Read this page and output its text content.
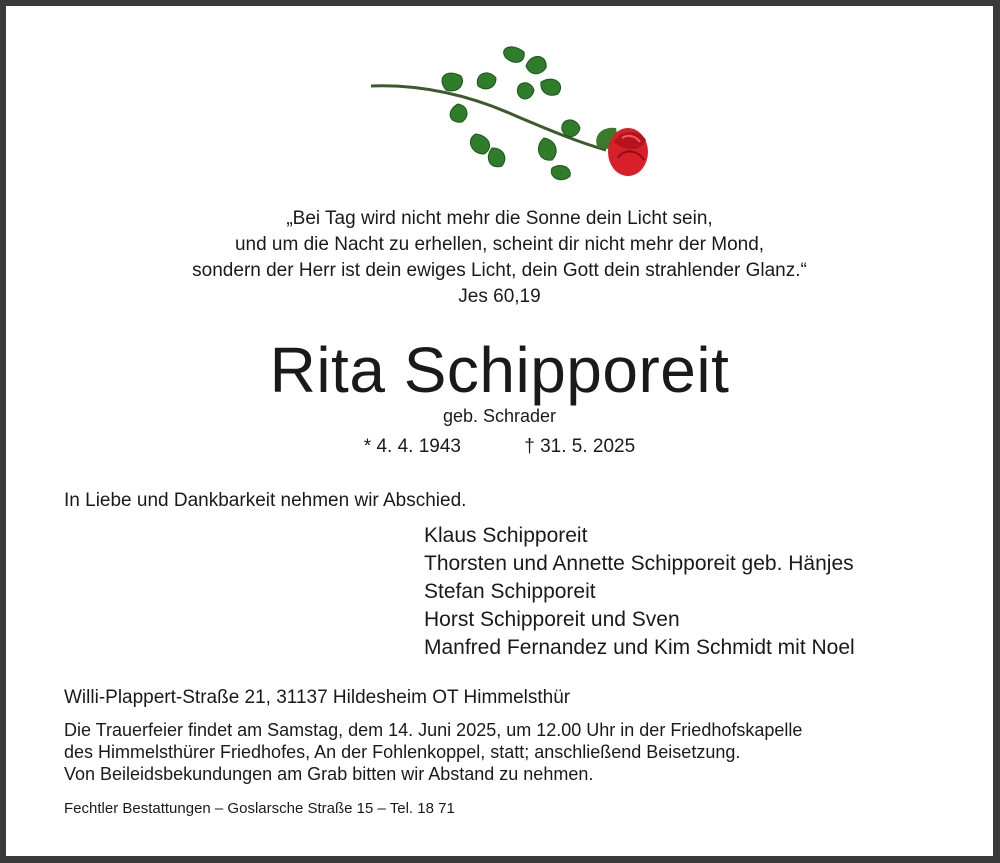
„Bei Tag wird nicht mehr die Sonne dein Licht sein,
und um die Nacht zu erhellen, scheint dir nicht mehr der Mond,
sondern der Herr ist dein ewiges Licht, dein Gott dein strahlender Glanz.“
Jes 60,19
Rita Schipporeit
geb. Schrader
* 4. 4. 1943	† 31. 5. 2025
In Liebe und Dankbarkeit nehmen wir Abschied.
Klaus Schipporeit
Thorsten und Annette Schipporeit geb. Hänjes
Stefan Schipporeit
Horst Schipporeit und Sven
Manfred Fernandez und Kim Schmidt mit Noel
Willi-Plappert-Straße 21, 31137 Hildesheim OT Himmelsthür
Die Trauerfeier findet am Samstag, dem 14. Juni 2025, um 12.00 Uhr in der Friedhofskapelle
des Himmelsthürer Friedhofes, An der Fohlenkoppel, statt; anschließend Beisetzung.
Von Beileidsbekundungen am Grab bitten wir Abstand zu nehmen.
Fechtler Bestattungen – Goslarsche Straße 15 – Tel. 18 71
